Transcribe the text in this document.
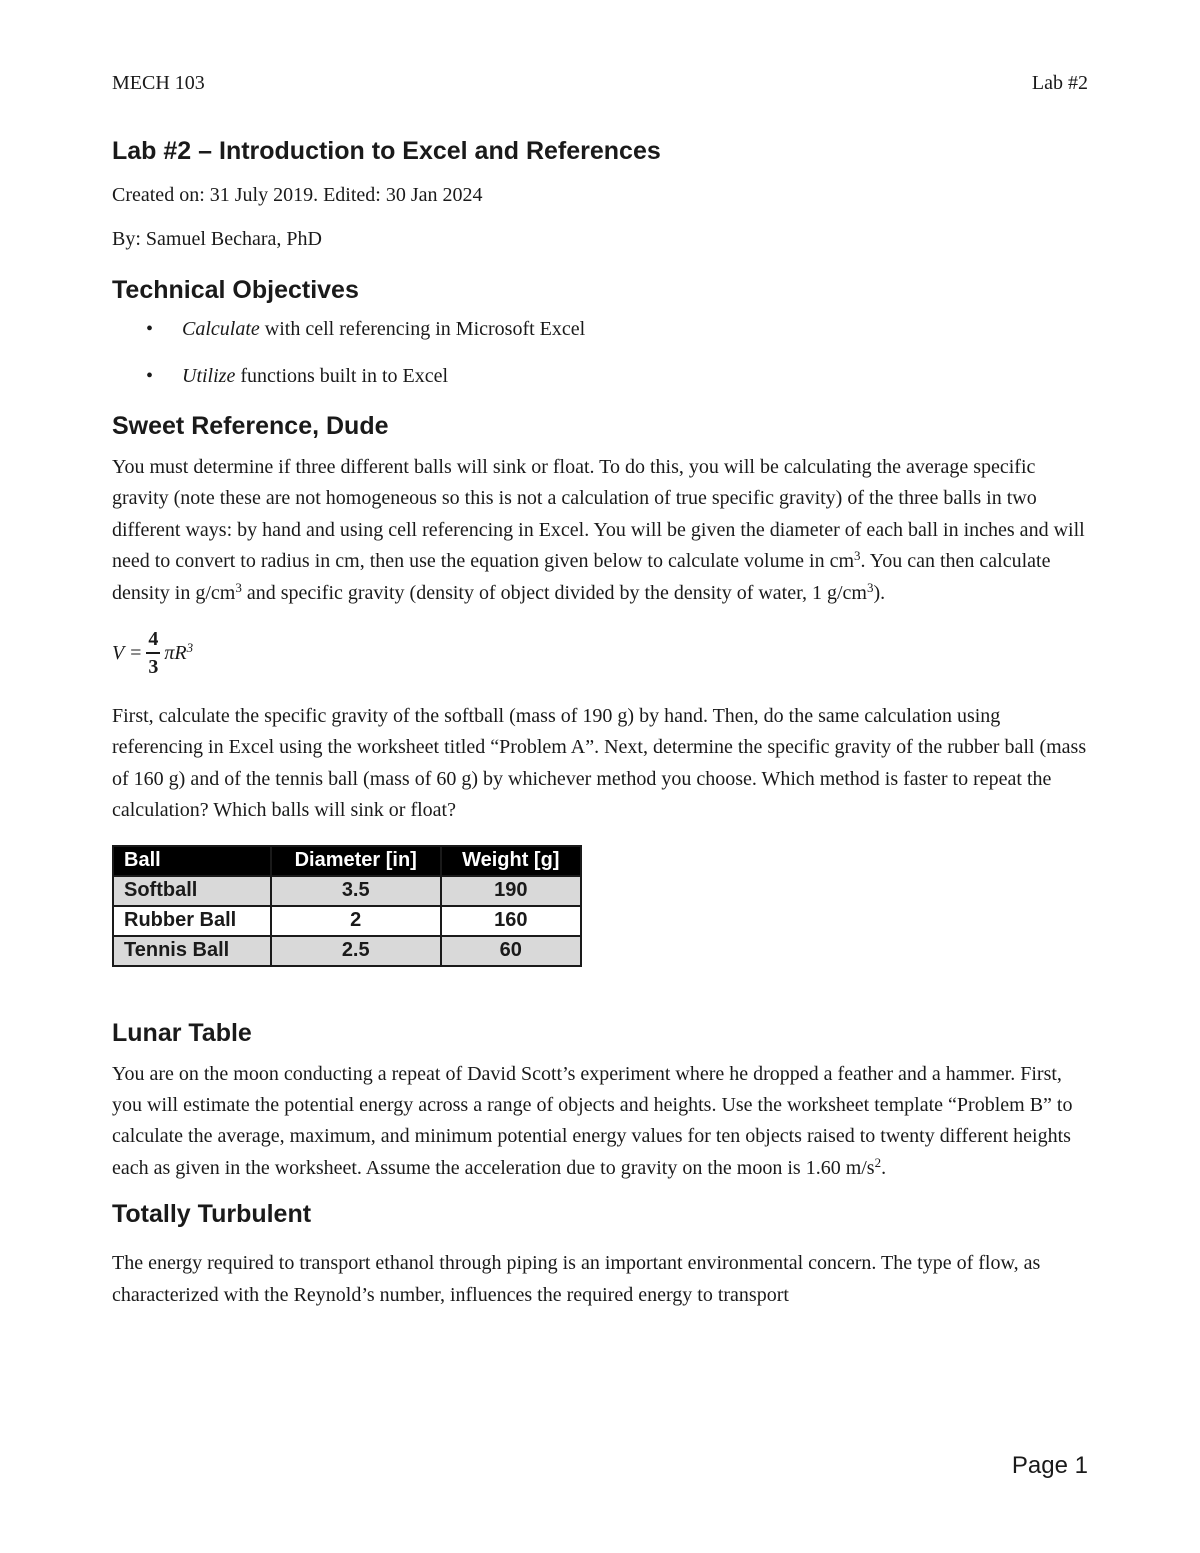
MECH 103	Lab #2
Lab #2 – Introduction to Excel and References
Created on: 31 July 2019. Edited: 30 Jan 2024
By: Samuel Bechara, PhD
Technical Objectives
• Calculate with cell referencing in Microsoft Excel
• Utilize functions built in to Excel
Sweet Reference, Dude

You must determine if three different balls will sink or float. To do this, you will be calculating the average specific gravity (note these are not homogeneous so this is not a calculation of true specific gravity) of the three balls in two different ways: by hand and using cell referencing in Excel. You will be given the diameter of each ball in inches and will need to convert to radius in cm, then use the equation given below to calculate volume in $cm^3$. You can then calculate density in $g/cm^3$ and specific gravity (density of object divided by the density of water, 1 $g/cm^3$).

$V = \frac{4}{3} \pi R^3$

First, calculate the specific gravity of the softball (mass of 190 g) by hand. Then, do the same calculation using referencing in Excel using the worksheet titled “Problem A”. Next, determine the specific gravity of the rubber ball (mass of 160 g) and of the tennis ball (mass of 60 g) by whichever method you choose. Which method is faster to repeat the calculation? Which balls will sink or float?

Ball	Diameter [in]	Weight [g]
Softball	3.5	190
Rubber Ball	2	160
Tennis Ball	2.5	60
Lunar Table

You are on the moon conducting a repeat of David Scott’s experiment where he dropped a feather and a hammer. First, you will estimate the potential energy across a range of objects and heights. Use the worksheet template “Problem B” to calculate the average, maximum, and minimum potential energy values for ten objects raised to twenty different heights each as given in the worksheet. Assume the acceleration due to gravity on the moon is 1.60 $m/s^2$.

Totally Turbulent

The energy required to transport ethanol through piping is an important environmental concern. The type of flow, as characterized with the Reynold’s number, influences the required energy to transport

Page 1
